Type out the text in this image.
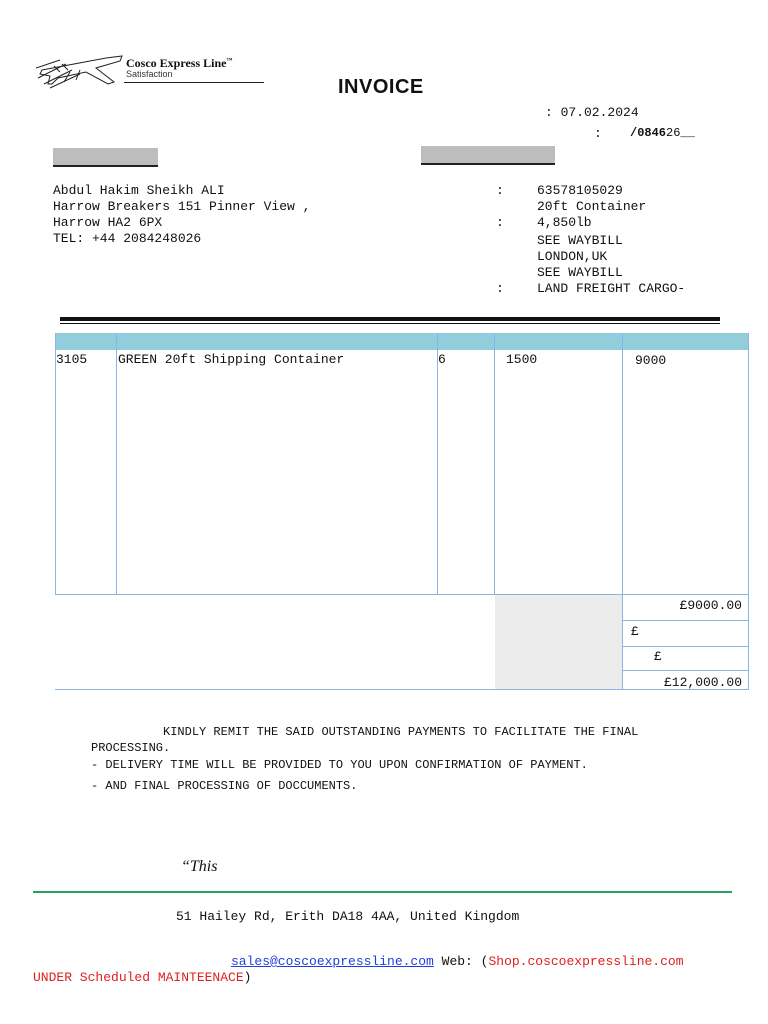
Cosco Express Line™
Satisfaction
INVOICE
: 07.02.2024
: /084626__
Abdul Hakim Sheikh ALI
Harrow Breakers 151 Pinner View ,
Harrow HA2 6PX
TEL: +44 2084248026
:	63578105029
20ft Container
:	4,850lb
SEE WAYBILL
LONDON,UK
SEE WAYBILL
:	LAND FREIGHT CARGO-
3105 GREEN 20ft Shipping Container	6	1500	9000
£9000.00
£
£
£12,000.00
KINDLY REMIT THE SAID OUTSTANDING PAYMENTS TO FACILITATE THE FINAL
PROCESSING.
- DELIVERY TIME WILL BE PROVIDED TO YOU UPON CONFIRMATION OF PAYMENT.
- AND FINAL PROCESSING OF DOCCUMENTS.
“This
51 Hailey Rd, Erith DA18 4AA, United Kingdom
sales@coscoexpressline.com Web: (Shop.coscoexpressline.com
UNDER Scheduled MAINTEENACE)
